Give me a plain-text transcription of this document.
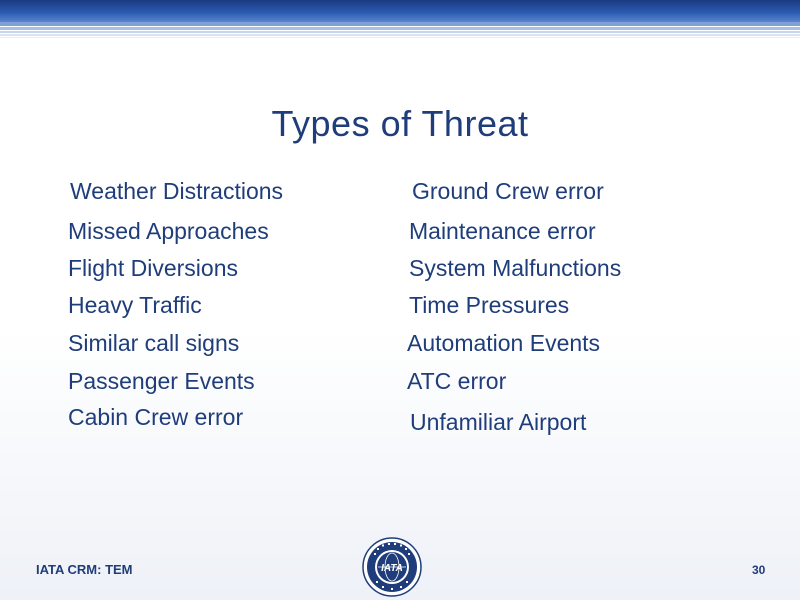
Types of Threat
Weather Distractions
Missed Approaches
Flight Diversions
Heavy Traffic
Similar call signs
Passenger Events
Cabin Crew error
Ground Crew error
Maintenance error
System Malfunctions
Time Pressures
Automation Events
ATC error
Unfamiliar Airport
IATA CRM: TEM	IATA	30
